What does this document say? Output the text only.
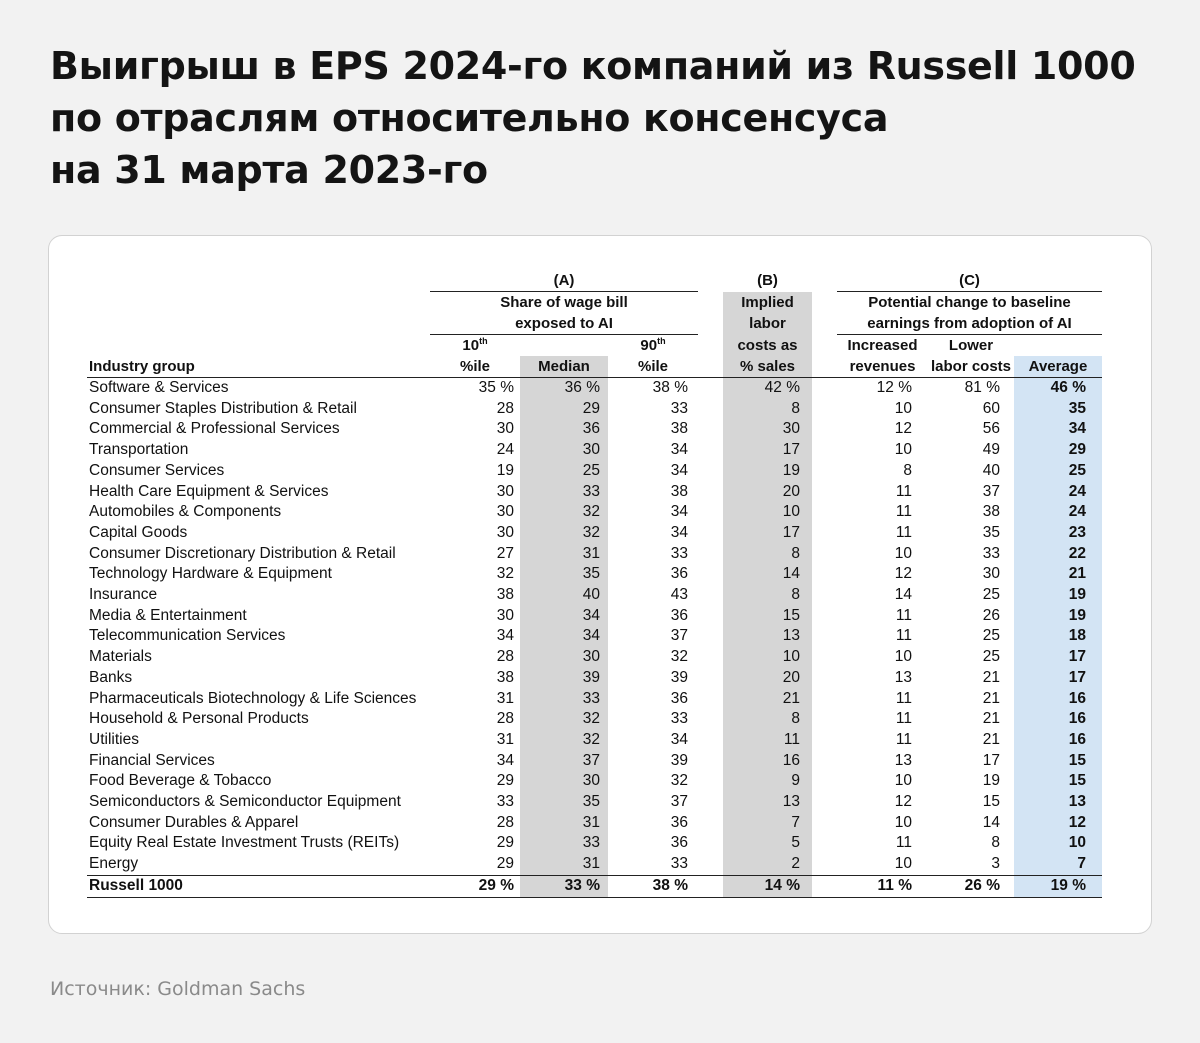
Выигрыш в EPS 2024-го компаний из Russell 1000
по отраслям относительно консенсуса
на 31 марта 2023-го
	(A)				(B)		(C)		
	Share of wage bill				Implied		Potential change to baseline		
	exposed to AI				labor		earnings from adoption of AI		
	10th		90th		costs as		Increased	Lower	
Industry group	%ile	Median	%ile		% sales		revenues	labor costs	Average
Software & Services	35 %	36 %	38 %		42 %		12 %	81 %	46 %
Consumer Staples Distribution & Retail	28	29	33		8		10	60	35
Commercial & Professional Services	30	36	38		30		12	56	34
Transportation	24	30	34		17		10	49	29
Consumer Services	19	25	34		19		8	40	25
Health Care Equipment & Services	30	33	38		20		11	37	24
Automobiles & Components	30	32	34		10		11	38	24
Capital Goods	30	32	34		17		11	35	23
Consumer Discretionary Distribution & Retail	27	31	33		8		10	33	22
Technology Hardware & Equipment	32	35	36		14		12	30	21
Insurance	38	40	43		8		14	25	19
Media & Entertainment	30	34	36		15		11	26	19
Telecommunication Services	34	34	37		13		11	25	18
Materials	28	30	32		10		10	25	17
Banks	38	39	39		20		13	21	17
Pharmaceuticals Biotechnology & Life Sciences	31	33	36		21		11	21	16
Household & Personal Products	28	32	33		8		11	21	16
Utilities	31	32	34		11		11	21	16
Financial Services	34	37	39		16		13	17	15
Food Beverage & Tobacco	29	30	32		9		10	19	15
Semiconductors & Semiconductor Equipment	33	35	37		13		12	15	13
Consumer Durables & Apparel	28	31	36		7		10	14	12
Equity Real Estate Investment Trusts (REITs)	29	33	36		5		11	8	10
Energy	29	31	33		2		10	3	7
Russell 1000	29 %	33 %	38 %		14 %		11 %	26 %	19 %
Источник: Goldman Sachs
